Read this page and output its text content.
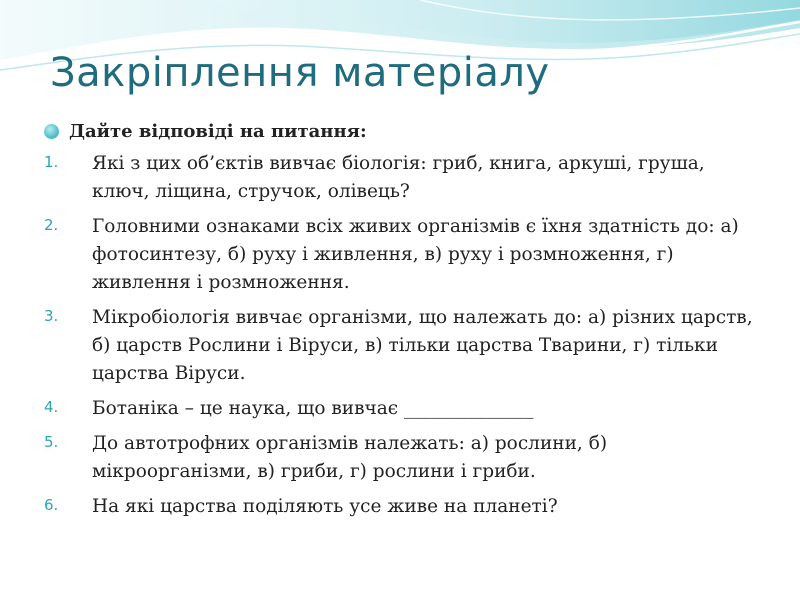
Закріплення матеріалу
Дайте відповіді на питання:
1.	Які з цих об’єктів вивчає біологія: гриб, книга, аркуші, груша, ключ, ліщина, стручок, олівець?
2.	Головними ознаками всіх живих організмів є їхня здатність до: а) фотосинтезу, б) руху і живлення, в) руху і розмноження, г) живлення і розмноження.
3.	Мікробіологія вивчає організми, що належать до: а) різних царств, б) царств Рослини і Віруси, в) тільки царства Тварини, г) тільки царства Віруси.
4.	Ботаніка – це наука, що вивчає ______________
5.	До автотрофних організмів належать: а) рослини, б) мікроорганізми, в) гриби, г) рослини і гриби.
6.	На які царства поділяють усе живе на планеті?
